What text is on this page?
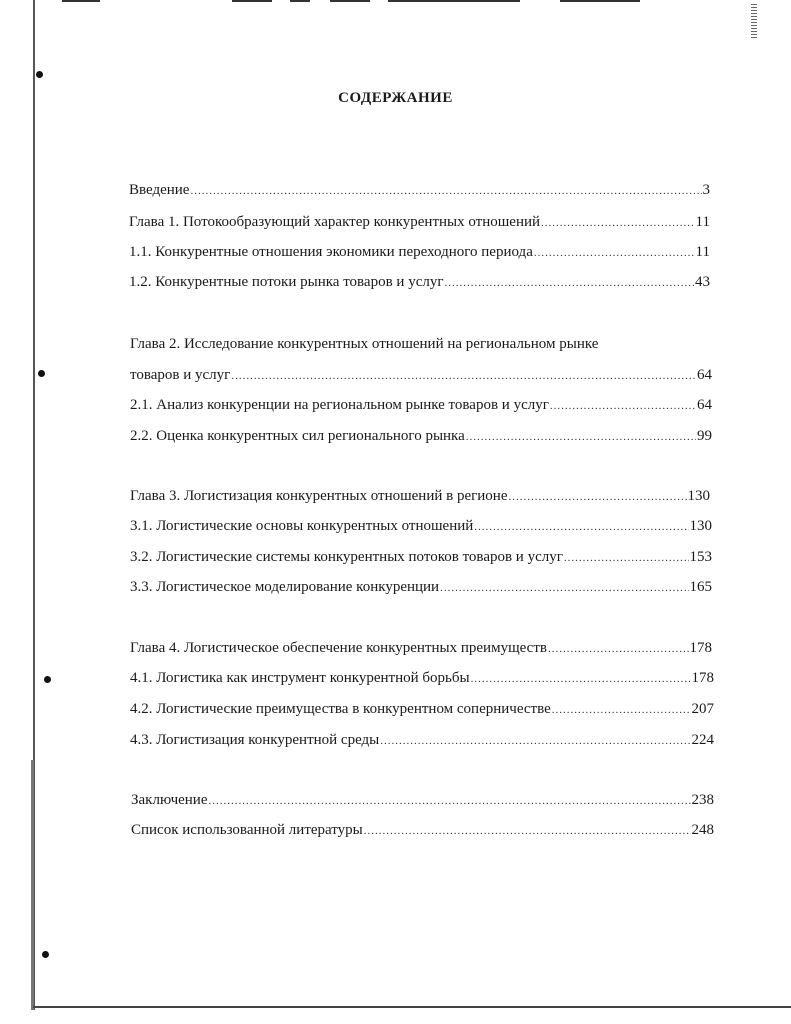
СОДЕРЖАНИЕ
Введение .....	3
Глава 1. Потокообразующий характер конкурентных отношений .....	11
1.1. Конкурентные отношения экономики переходного периода .....	11
1.2. Конкурентные потоки рынка товаров и услуг .....	43
Глава 2. Исследование конкурентных отношений на региональном рынке
товаров и услуг .....	64
2.1. Анализ конкуренции на региональном рынке товаров и услуг .....	64
2.2. Оценка конкурентных сил регионального рынка .....	99
Глава 3. Логистизация конкурентных отношений в регионе .....	130
3.1. Логистические основы конкурентных отношений .....	130
3.2. Логистические системы конкурентных потоков товаров и услуг .....	153
3.3. Логистическое моделирование конкуренции .....	165
Глава 4. Логистическое обеспечение конкурентных преимуществ .....	178
4.1. Логистика как инструмент конкурентной борьбы .....	178
4.2. Логистические преимущества в конкурентном соперничестве .....	207
4.3. Логистизация конкурентной среды .....	224
Заключение .....	238
Список использованной литературы .....	248
